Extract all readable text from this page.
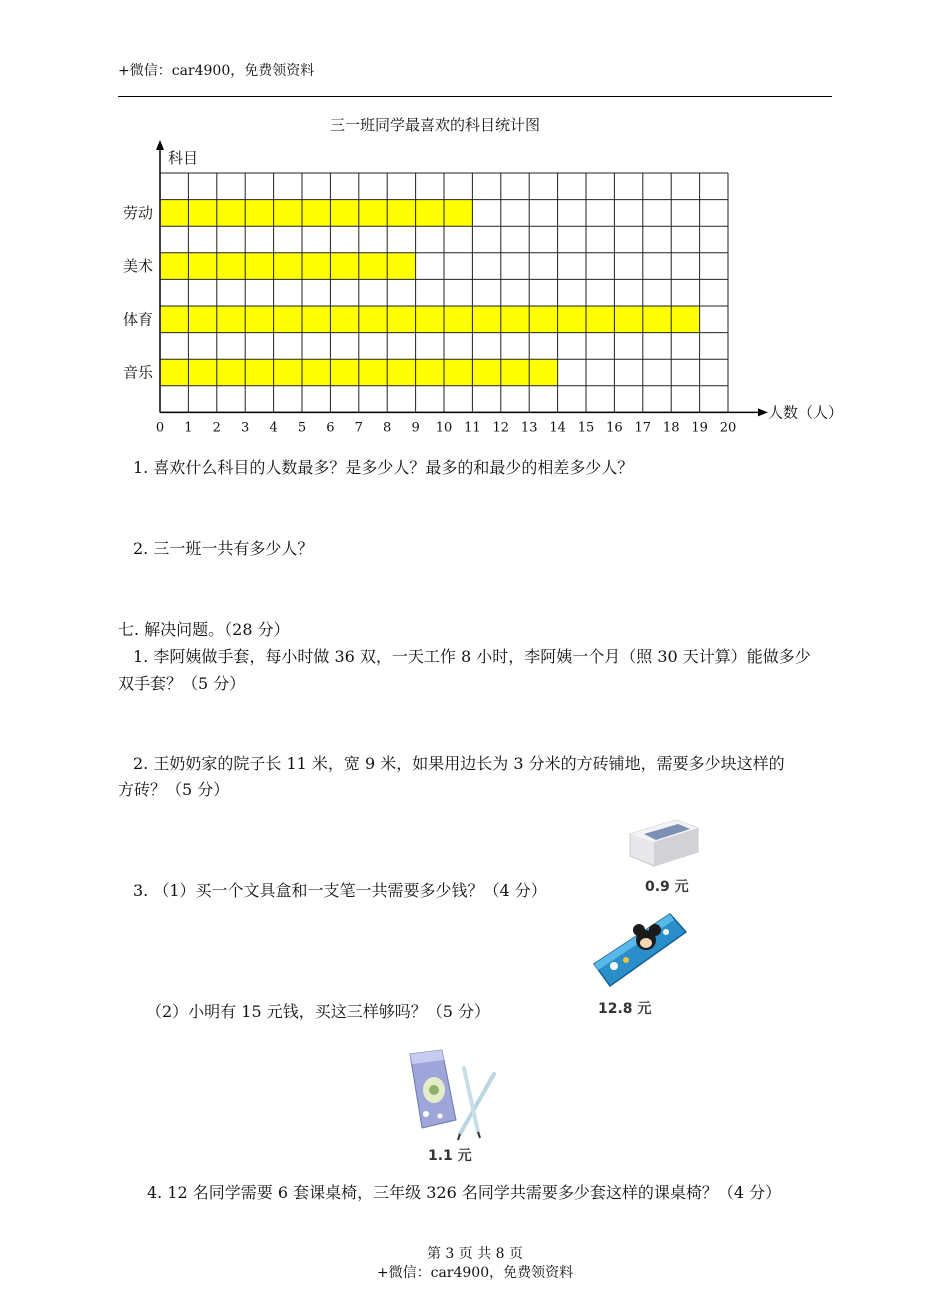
+微信：car4900，免费领资料
三一班同学最喜欢的科目统计图
科目
人数（人）
劳动
美术
体育
音乐
0 1 2 3 4 5 6 7 8 9 10 11 12 13 14 15 16 17 18 19 20
1. 喜欢什么科目的人数最多？是多少人？最多的和最少的相差多少人？
2. 三一班一共有多少人？
七. 解决问题。（28 分）
1. 李阿姨做手套，每小时做 36 双，一天工作 8 小时，李阿姨一个月（照 30 天计算）能做多少
双手套？（5 分）
2. 王奶奶家的院子长 11 米，宽 9 米，如果用边长为 3 分米的方砖铺地，需要多少块这样的
方砖？（5 分）
0.9 元
3. （1）买一个文具盒和一支笔一共需要多少钱？（4 分）
12.8 元
（2）小明有 15 元钱，买这三样够吗？（5 分）
1.1 元
4. 12 名同学需要 6 套课桌椅，三年级 326 名同学共需要多少套这样的课桌椅？（4 分）
第 3 页 共 8 页
+微信：car4900，免费领资料
